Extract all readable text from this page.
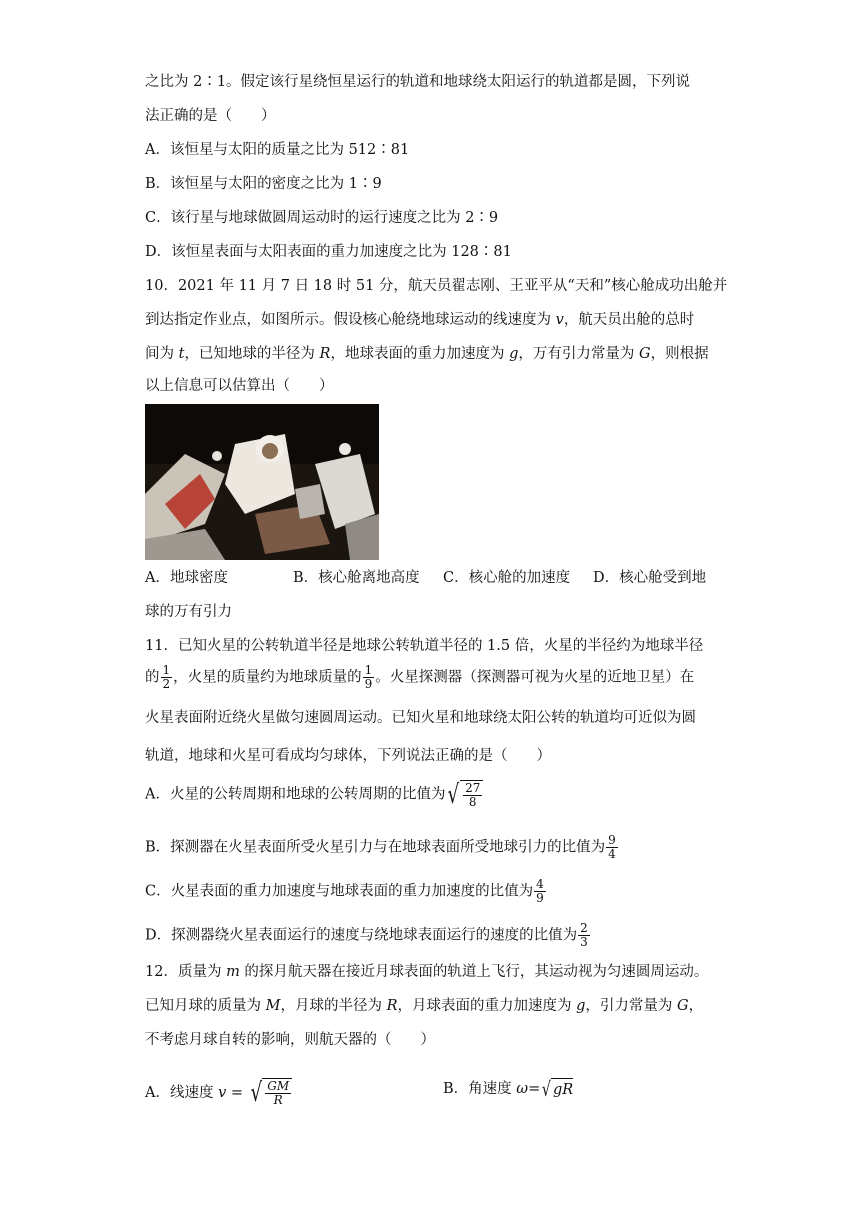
之比为 2∶1。假定该行星绕恒星运行的轨道和地球绕太阳运行的轨道都是圆，下列说
法正确的是（　　）
A．该恒星与太阳的质量之比为 512∶81
B．该恒星与太阳的密度之比为 1∶9
C．该行星与地球做圆周运动时的运行速度之比为 2∶9
D．该恒星表面与太阳表面的重力加速度之比为 128∶81
10．2021 年 11 月 7 日 18 时 51 分，航天员翟志刚、王亚平从“天和”核心舱成功出舱并
到达指定作业点，如图所示。假设核心舱绕地球运动的线速度为 v，航天员出舱的总时
间为 t，已知地球的半径为 R，地球表面的重力加速度为 g，万有引力常量为 G，则根据
以上信息可以估算出（　　）
A．地球密度	B．核心舱离地高度 C．核心舱的加速度 D．核心舱受到地
球的万有引力
11．已知火星的公转轨道半径是地球公转轨道半径的 1.5 倍，火星的半径约为地球半径
的 $\frac{1}{2}$ ，火星的质量约为地球质量的 $\frac{1}{9}$ 。火星探测器（探测器可视为火星的近地卫星）在
火星表面附近绕火星做匀速圆周运动。已知火星和地球绕太阳公转的轨道均可近似为圆
轨道，地球和火星可看成均匀球体，下列说法正确的是（　　）
A．火星的公转周期和地球的公转周期的比值为 √ $\frac{27}{8}$
B．探测器在火星表面所受火星引力与在地球表面所受地球引力的比值为 $\frac{9}{4}$
C．火星表面的重力加速度与地球表面的重力加速度的比值为 $\frac{4}{9}$
D．探测器绕火星表面运行的速度与绕地球表面运行的速度的比值为 $\frac{2}{3}$
12．质量为 m 的探月航天器在接近月球表面的轨道上飞行，其运动视为匀速圆周运动。
已知月球的质量为 M，月球的半径为 R，月球表面的重力加速度为 g，引力常量为 G，
不考虑月球自转的影响，则航天器的（　　）
A．线速度 v = √ $\frac{GM}{R}$	B．角速度 ω= √ gR
